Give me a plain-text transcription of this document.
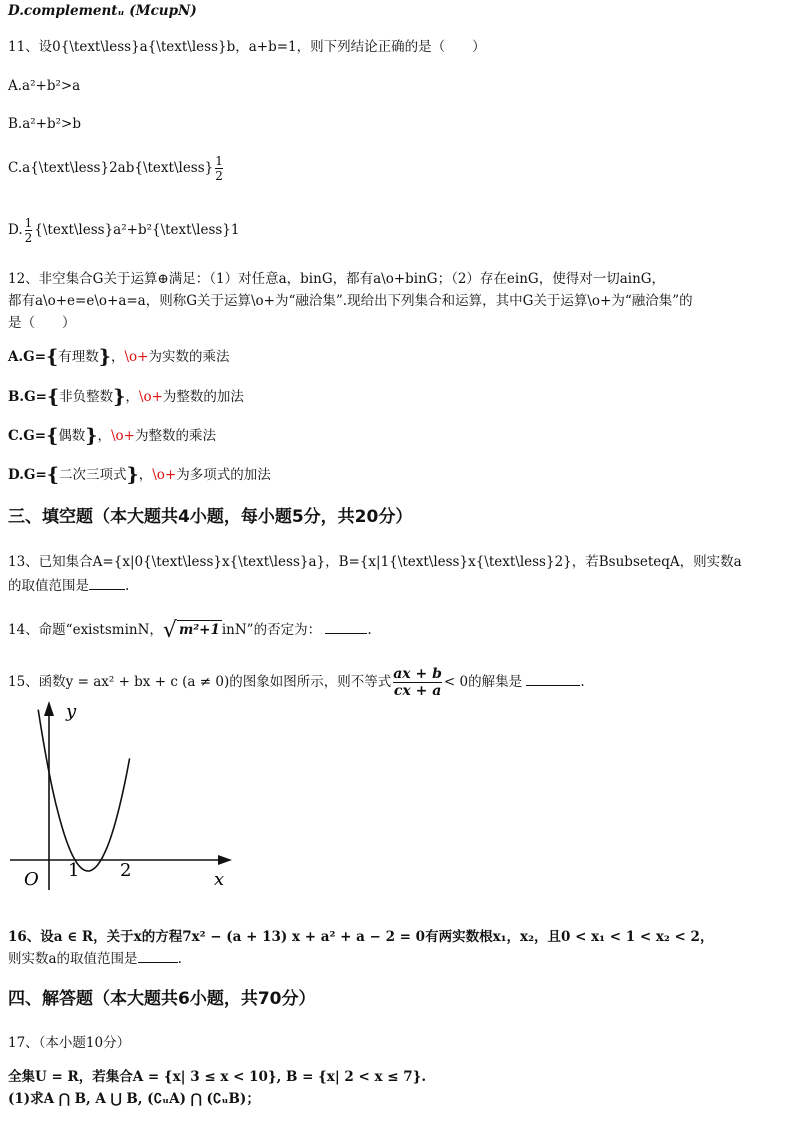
D.complementᵤ (McupN)
11、设0{\text\less}a{\text\less}b，a+b=1，则下列结论正确的是（　　）
A.a²+b²>a
B.a²+b²>b
C.a{\text\less}2ab{\text\less} $\frac{1}{2}$
D. $\frac{1}{2}$ {\text\less}a²+b²{\text\less}1
12、非空集合G关于运算⊕满足：（1）对任意a，binG，都有a\o+binG；（2）存在einG，使得对一切ainG，
都有a\o+e=e\o+a=a，则称G关于运算\o+为“融洽集”.现给出下列集合和运算，其中G关于运算\o+为“融洽集”的
是（　　）
A.G={有理数}，\o+为实数的乘法
B.G={非负整数}，\o+为整数的加法
C.G={偶数}，\o+为整数的乘法
D.G={二次三项式}，\o+为多项式的加法
三、填空题（本大题共4小题，每小题5分，共20分）
13、已知集合A={x|0{\text\less}x{\text\less}a}，B={x|1{\text\less}x{\text\less}2}，若BsubseteqA，则实数a
的取值范围是	.
14、命题“existsminN，√ m²+1 inN”的否定为：	.
15、函数y = ax² + bx + c (a ≠ 0)的图象如图所示，则不等式 $\frac{ax + b}{cx + a} < 0$的解集是	.
y
x
O 1 2
16、设a ∈ R，关于x的方程7x² − (a + 13) x + a² + a − 2 = 0有两实数根x₁，x₂，且0 < x₁ < 1 < x₂ < 2，
则实数a的取值范围是	.
四、解答题（本大题共6小题，共70分）
17、（本小题10分）
全集U = R，若集合A = {x| 3 ≤ x < 10}, B = {x| 2 < x ≤ 7}.
(1)求A ⋂ B, A ⋃ B, (∁ᵤA) ⋂ (∁ᵤB)；
